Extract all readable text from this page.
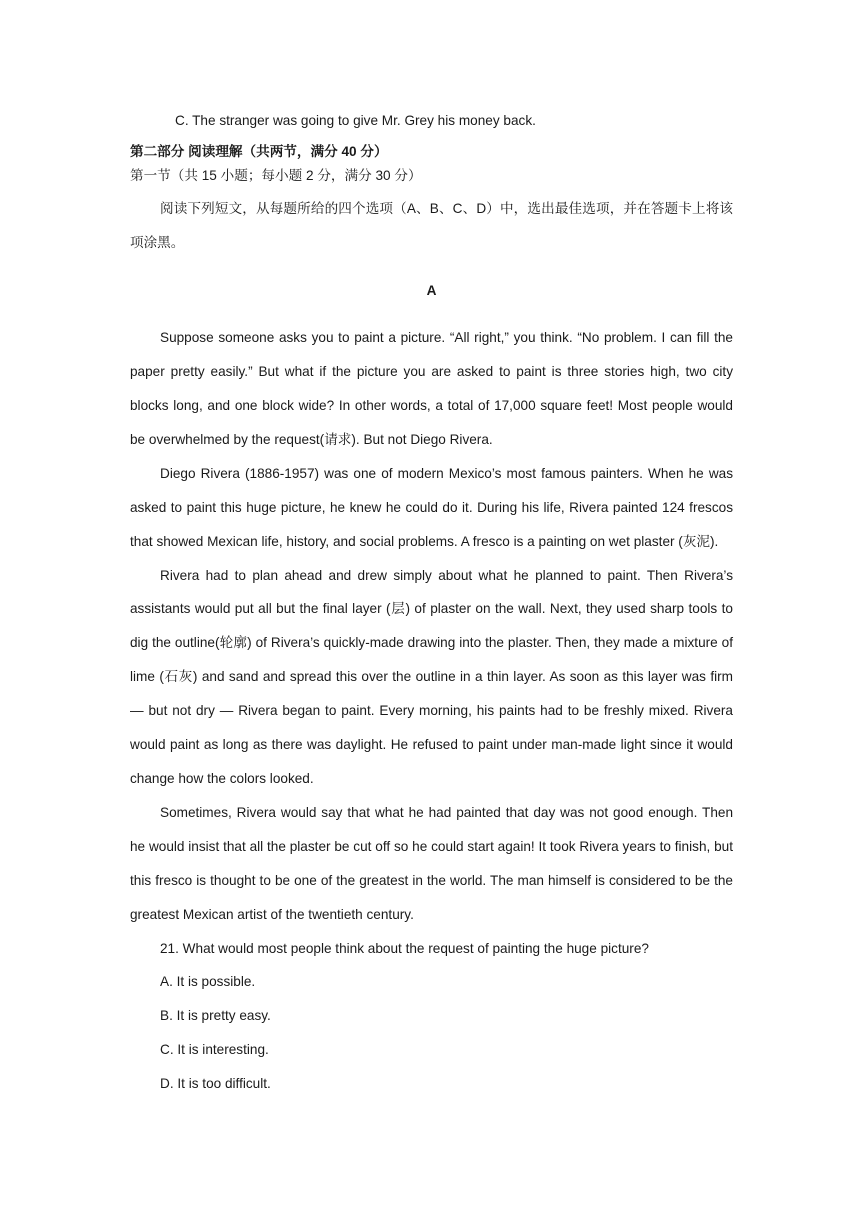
C. The stranger was going to give Mr. Grey his money back.

第二部分 阅读理解（共两节，满分 40 分）

第一节（共 15 小题；每小题 2 分，满分 30 分）

阅读下列短文，从每题所给的四个选项（A、B、C、D）中，选出最佳选项，并在答题卡上将该项涂黑。

A

Suppose someone asks you to paint a picture. “All right,” you think. “No problem. I can fill the paper pretty easily.” But what if the picture you are asked to paint is three stories high, two city blocks long, and one block wide? In other words, a total of 17,000 square feet! Most people would be overwhelmed by the request(请求). But not Diego Rivera.

Diego Rivera (1886-1957) was one of modern Mexico’s most famous painters. When he was asked to paint this huge picture, he knew he could do it. During his life, Rivera painted 124 frescos that showed Mexican life, history, and social problems. A fresco is a painting on wet plaster (灰泥).

Rivera had to plan ahead and drew simply about what he planned to paint. Then Rivera’s assistants would put all but the final layer (层) of plaster on the wall. Next, they used sharp tools to dig the outline(轮廓) of Rivera’s quickly-made drawing into the plaster. Then, they made a mixture of lime (石灰) and sand and spread this over the outline in a thin layer. As soon as this layer was firm — but not dry — Rivera began to paint. Every morning, his paints had to be freshly mixed. Rivera would paint as long as there was daylight. He refused to paint under man-made light since it would change how the colors looked.

Sometimes, Rivera would say that what he had painted that day was not good enough. Then he would insist that all the plaster be cut off so he could start again! It took Rivera years to finish, but this fresco is thought to be one of the greatest in the world. The man himself is considered to be the greatest Mexican artist of the twentieth century.

21. What would most people think about the request of painting the huge picture?

A. It is possible.

B. It is pretty easy.

C. It is interesting.

D. It is too difficult.
